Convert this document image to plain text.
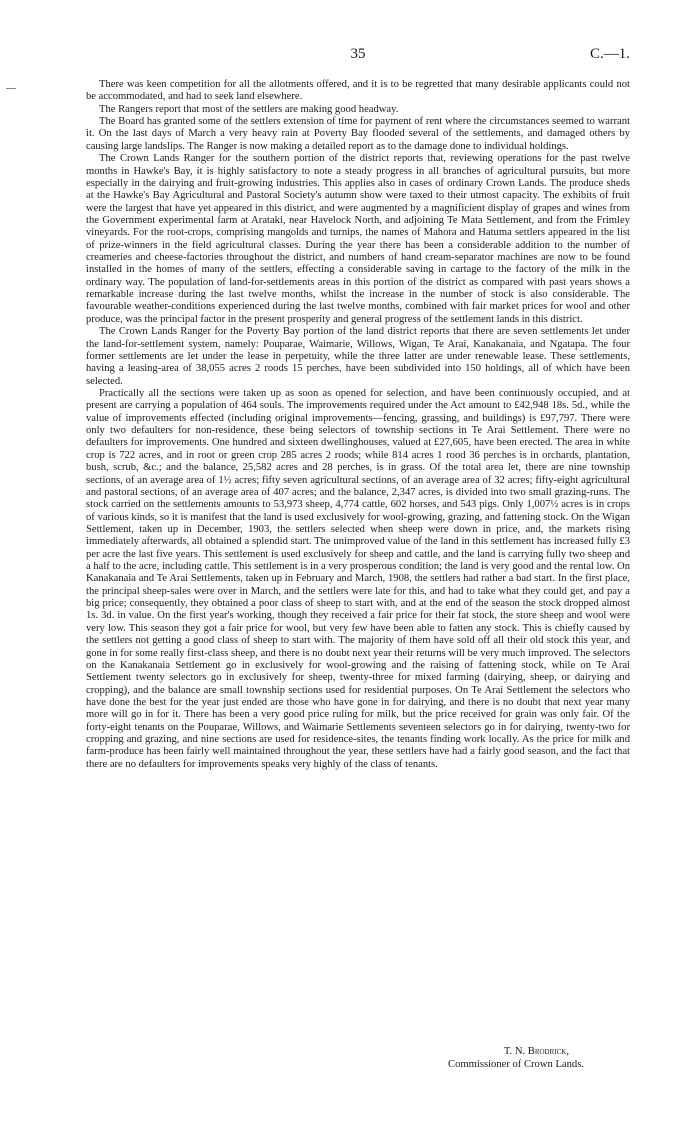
35	C.—1.

There was keen competition for all the allotments offered, and it is to be regretted that many desirable applicants could not be accommodated, and had to seek land elsewhere.

The Rangers report that most of the settlers are making good headway.

The Board has granted some of the settlers extension of time for payment of rent where the circumstances seemed to warrant it. On the last days of March a very heavy rain at Poverty Bay flooded several of the settlements, and damaged others by causing large landslips. The Ranger is now making a detailed report as to the damage done to individual holdings.

The Crown Lands Ranger for the southern portion of the district reports that, reviewing operations for the past twelve months in Hawke's Bay, it is highly satisfactory to note a steady progress in all branches of agricultural pursuits, but more especially in the dairying and fruit-growing industries. This applies also in cases of ordinary Crown Lands. The produce sheds at the Hawke's Bay Agricultural and Pastoral Society's autumn show were taxed to their utmost capacity. The exhibits of fruit were the largest that have yet appeared in this district, and were augmented by a magnificient display of grapes and wines from the Government experimental farm at Arataki, near Havelock North, and adjoining Te Mata Settlement, and from the Frimley vineyards. For the root-crops, comprising mangolds and turnips, the names of Mahora and Hatuma settlers appeared in the list of prize-winners in the field agricultural classes. During the year there has been a considerable addition to the number of creameries and cheese-factories throughout the district, and numbers of hand cream-separator machines are now to be found installed in the homes of many of the settlers, effecting a considerable saving in cartage to the factory of the milk in the ordinary way. The population of land-for-settlements areas in this portion of the district as compared with past years shows a remarkable increase during the last twelve months, whilst the increase in the number of stock is also considerable. The favourable weather-conditions experienced during the last twelve months, combined with fair market prices for wool and other produce, was the principal factor in the present prosperity and general progress of the settlement lands in this district.

The Crown Lands Ranger for the Poverty Bay portion of the land district reports that there are seven settlements let under the land-for-settlement system, namely: Pouparae, Waimarie, Willows, Wigan, Te Arai, Kanakanaia, and Ngatapa. The four former settlements are let under the lease in perpetuity, while the three latter are under renewable lease. These settlements, having a leasing-area of 38,055 acres 2 roods 15 perches, have been subdivided into 150 holdings, all of which have been selected.

Practically all the sections were taken up as soon as opened for selection, and have been continuously occupied, and at present are carrying a population of 464 souls. The improvements required under the Act amount to £42,948 18s. 5d., while the value of improvements effected (including original improvements—fencing, grassing, and buildings) is £97,797. There were only two defaulters for non-residence, these being selectors of township sections in Te Arai Settlement. There were no defaulters for improvements. One hundred and sixteen dwellinghouses, valued at £27,605, have been erected. The area in white crop is 722 acres, and in root or green crop 285 acres 2 roods; while 814 acres 1 rood 36 perches is in orchards, plantation, bush, scrub, &c.; and the balance, 25,582 acres and 28 perches, is in grass. Of the total area let, there are nine township sections, of an average area of 1½ acres; fifty seven agricultural sections, of an average area of 32 acres; fifty-eight agricultural and pastoral sections, of an average area of 407 acres; and the balance, 2,347 acres, is divided into two small grazing-runs. The stock carried on the settlements amounts to 53,973 sheep, 4,774 cattle, 602 horses, and 543 pigs. Only 1,007½ acres is in crops of various kinds, so it is manifest that the land is used exclusively for wool-growing, grazing, and fattening stock. On the Wigan Settlement, taken up in December, 1903, the settlers selected when sheep were down in price, and, the markets rising immediately afterwards, all obtained a splendid start. The unimproved value of the land in this settlement has increased fully £3 per acre the last five years. This settlement is used exclusively for sheep and cattle, and the land is carrying fully two sheep and a half to the acre, including cattle. This settlement is in a very prosperous condition; the land is very good and the rental low. On Kanakanaia and Te Arai Settlements, taken up in February and March, 1908, the settlers had rather a bad start. In the first place, the principal sheep-sales were over in March, and the settlers were late for this, and had to take what they could get, and pay a big price; consequently, they obtained a poor class of sheep to start with, and at the end of the season the stock dropped almost 1s. 3d. in value. On the first year's working, though they received a fair price for their fat stock, the store sheep and wool were very low. This season they got a fair price for wool, but very few have been able to fatten any stock. This is chiefly caused by the settlers not getting a good class of sheep to start with. The majority of them have sold off all their old stock this year, and gone in for some really first-class sheep, and there is no doubt next year their returns will be very much improved. The selectors on the Kanakanaia Settlement go in exclusively for wool-growing and the raising of fattening stock, while on Te Arai Settlement twenty selectors go in exclusively for sheep, twenty-three for mixed farming (dairying, sheep, or dairying and cropping), and the balance are small township sections used for residential purposes. On Te Arai Settlement the selectors who have done the best for the year just ended are those who have gone in for dairying, and there is no doubt that next year many more will go in for it. There has been a very good price ruling for milk, but the price received for grain was only fair. Of the forty-eight tenants on the Pouparae, Willows, and Waimarie Settlements seventeen selectors go in for dairying, twenty-two for cropping and grazing, and nine sections are used for residence-sites, the tenants finding work locally. As the price for milk and farm-produce has been fairly well maintained throughout the year, these settlers have had a fairly good season, and the fact that there are no defaulters for improvements speaks very highly of the class of tenants.

T. N. Brodrick,
Commissioner of Crown Lands.
